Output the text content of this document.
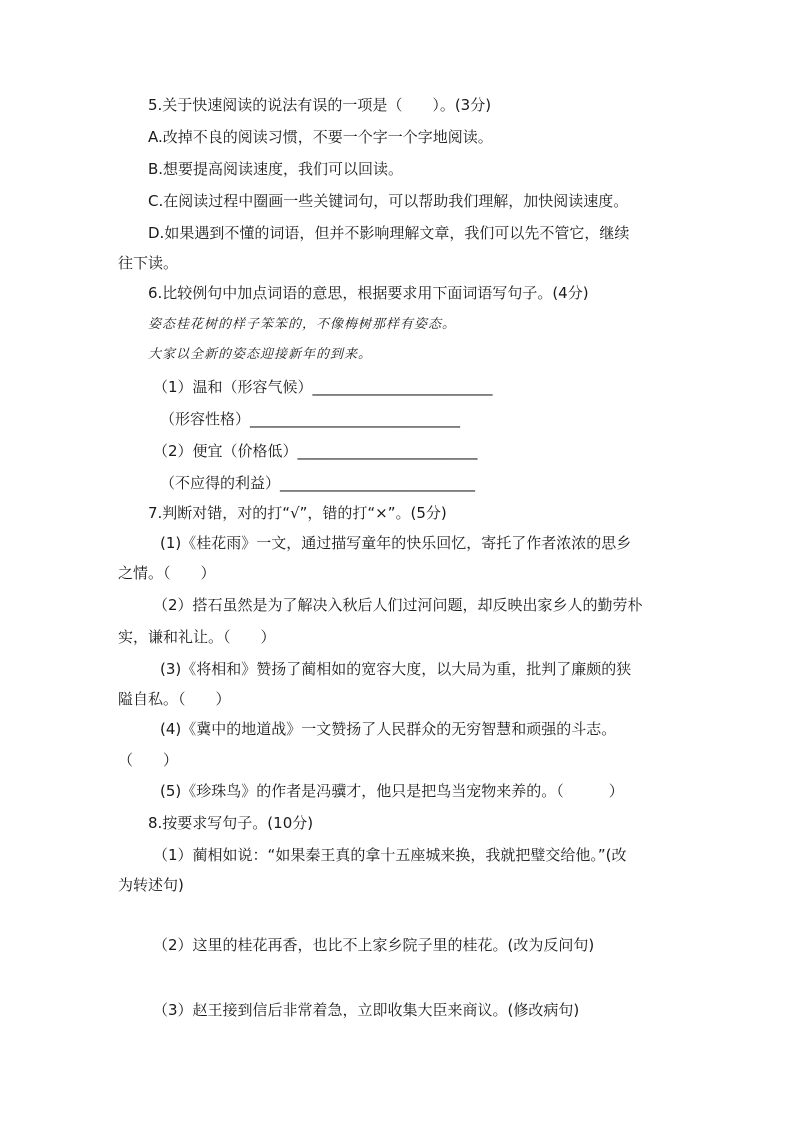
5.关于快速阅读的说法有误的一项是（　　）。(3分)
A.改掉不良的阅读习惯，不要一个字一个字地阅读。
B.想要提高阅读速度，我们可以回读。
C.在阅读过程中圈画一些关键词句，可以帮助我们理解，加快阅读速度。
D.如果遇到不懂的词语，但并不影响理解文章，我们可以先不管它，继续
往下读。
6.比较例句中加点词语的意思，根据要求用下面词语写句子。(4分)
姿态桂花树的样子笨笨的，不像梅树那样有姿态。
大家以全新的姿态迎接新年的到来。
（1）温和（形容气候）________________________
（形容性格）____________________________
（2）便宜（价格低）________________________
（不应得的利益）__________________________
7.判断对错，对的打“√”，错的打“×”。(5分)
(1)《桂花雨》一文，通过描写童年的快乐回忆，寄托了作者浓浓的思乡
之情。（　　）
（2）搭石虽然是为了解决入秋后人们过河问题，却反映出家乡人的勤劳朴
实，谦和礼让。（　　）
(3)《将相和》赞扬了蔺相如的宽容大度，以大局为重，批判了廉颇的狭
隘自私。（　　）
(4)《冀中的地道战》一文赞扬了人民群众的无穷智慧和顽强的斗志。
（　　）
(5)《珍珠鸟》的作者是冯骥才，他只是把鸟当宠物来养的。（　　　）
8.按要求写句子。(10分)
（1）蔺相如说：“如果秦王真的拿十五座城来换，我就把璧交给他。”(改
为转述句)
（2）这里的桂花再香，也比不上家乡院子里的桂花。(改为反问句)
（3）赵王接到信后非常着急，立即收集大臣来商议。(修改病句)
